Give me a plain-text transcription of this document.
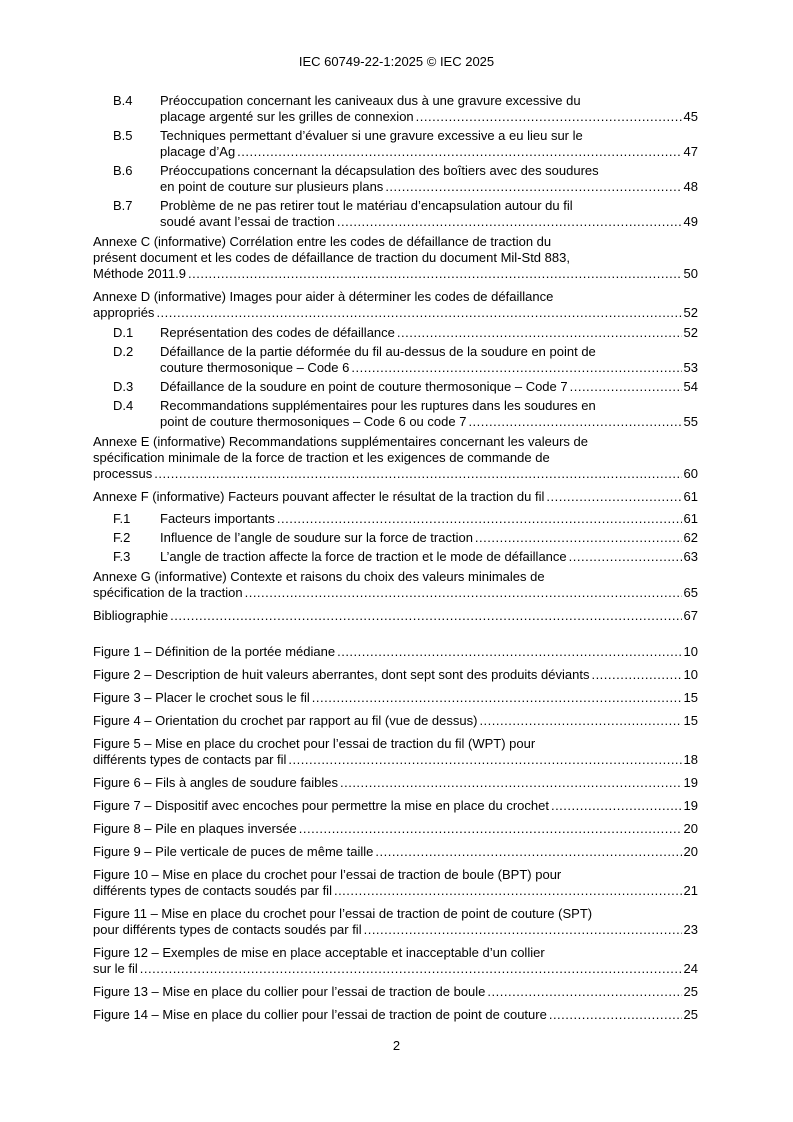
IEC 60749-22-1:2025 © IEC 2025
B.4 Préoccupation concernant les caniveaux dus à une gravure excessive du
placage argenté sur les grilles de connexion .....	45
B.5 Techniques permettant d’évaluer si une gravure excessive a eu lieu sur le
placage d’Ag .....	47
B.6 Préoccupations concernant la décapsulation des boîtiers avec des soudures
en point de couture sur plusieurs plans .....	48
B.7 Problème de ne pas retirer tout le matériau d’encapsulation autour du fil
soudé avant l’essai de traction .....	49
Annexe C (informative) Corrélation entre les codes de défaillance de traction du
présent document et les codes de défaillance de traction du document Mil-Std 883,
Méthode 2011.9 .....	50
Annexe D (informative) Images pour aider à déterminer les codes de défaillance
appropriés .....	52
D.1 Représentation des codes de défaillance .....	52
D.2 Défaillance de la partie déformée du fil au-dessus de la soudure en point de
couture thermosonique – Code 6 .....	53
D.3 Défaillance de la soudure en point de couture thermosonique – Code 7 .....	54
D.4 Recommandations supplémentaires pour les ruptures dans les soudures en
point de couture thermosoniques – Code 6 ou code 7 .....	55
Annexe E (informative) Recommandations supplémentaires concernant les valeurs de
spécification minimale de la force de traction et les exigences de commande de
processus .....	60
Annexe F (informative) Facteurs pouvant affecter le résultat de la traction du fil .....	61
F.1 Facteurs importants .....	61
F.2 Influence de l’angle de soudure sur la force de traction .....	62
F.3 L’angle de traction affecte la force de traction et le mode de défaillance .....	63
Annexe G (informative) Contexte et raisons du choix des valeurs minimales de
spécification de la traction .....	65
Bibliographie .....	67
Figure 1 – Définition de la portée médiane .....	10
Figure 2 – Description de huit valeurs aberrantes, dont sept sont des produits déviants .....	10
Figure 3 – Placer le crochet sous le fil .....	15
Figure 4 – Orientation du crochet par rapport au fil (vue de dessus) .....	15
Figure 5 – Mise en place du crochet pour l’essai de traction du fil (WPT) pour
différents types de contacts par fil .....	18
Figure 6 – Fils à angles de soudure faibles .....	19
Figure 7 – Dispositif avec encoches pour permettre la mise en place du crochet .....	19
Figure 8 – Pile en plaques inversée .....	20
Figure 9 – Pile verticale de puces de même taille .....	20
Figure 10 – Mise en place du crochet pour l’essai de traction de boule (BPT) pour
différents types de contacts soudés par fil .....	21
Figure 11 – Mise en place du crochet pour l’essai de traction de point de couture (SPT)
pour différents types de contacts soudés par fil .....	23
Figure 12 – Exemples de mise en place acceptable et inacceptable d’un collier
sur le fil .....	24
Figure 13 – Mise en place du collier pour l’essai de traction de boule .....	25
Figure 14 – Mise en place du collier pour l’essai de traction de point de couture .....	25
2
